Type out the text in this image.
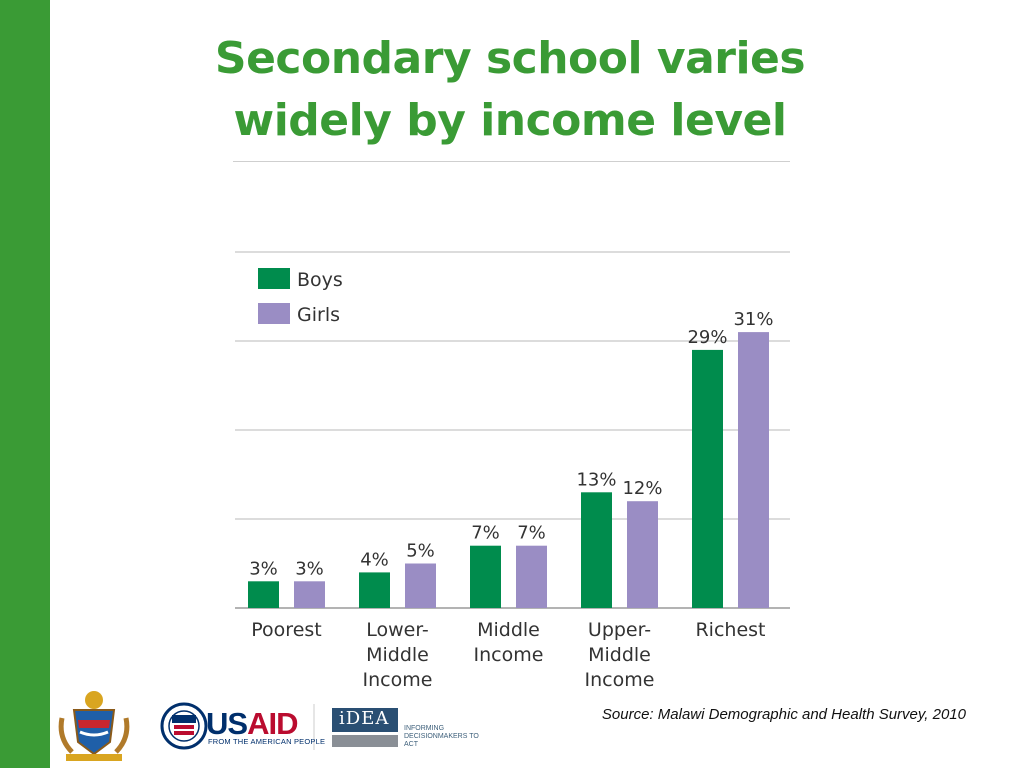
Secondary school varies
widely by income level
3% 3%
Poorest
4% 5%
Lower-
Middle
Income
7% 7%
Middle
Income
13% 12%
Upper-
Middle
Income
29%
31%
Richest
Boys
Girls
Source: Malawi Demographic and Health Survey, 2010
USAID
FROM THE AMERICAN PEOPLE
iDEA INFORMING DECISIONMAKERS TO ACT
